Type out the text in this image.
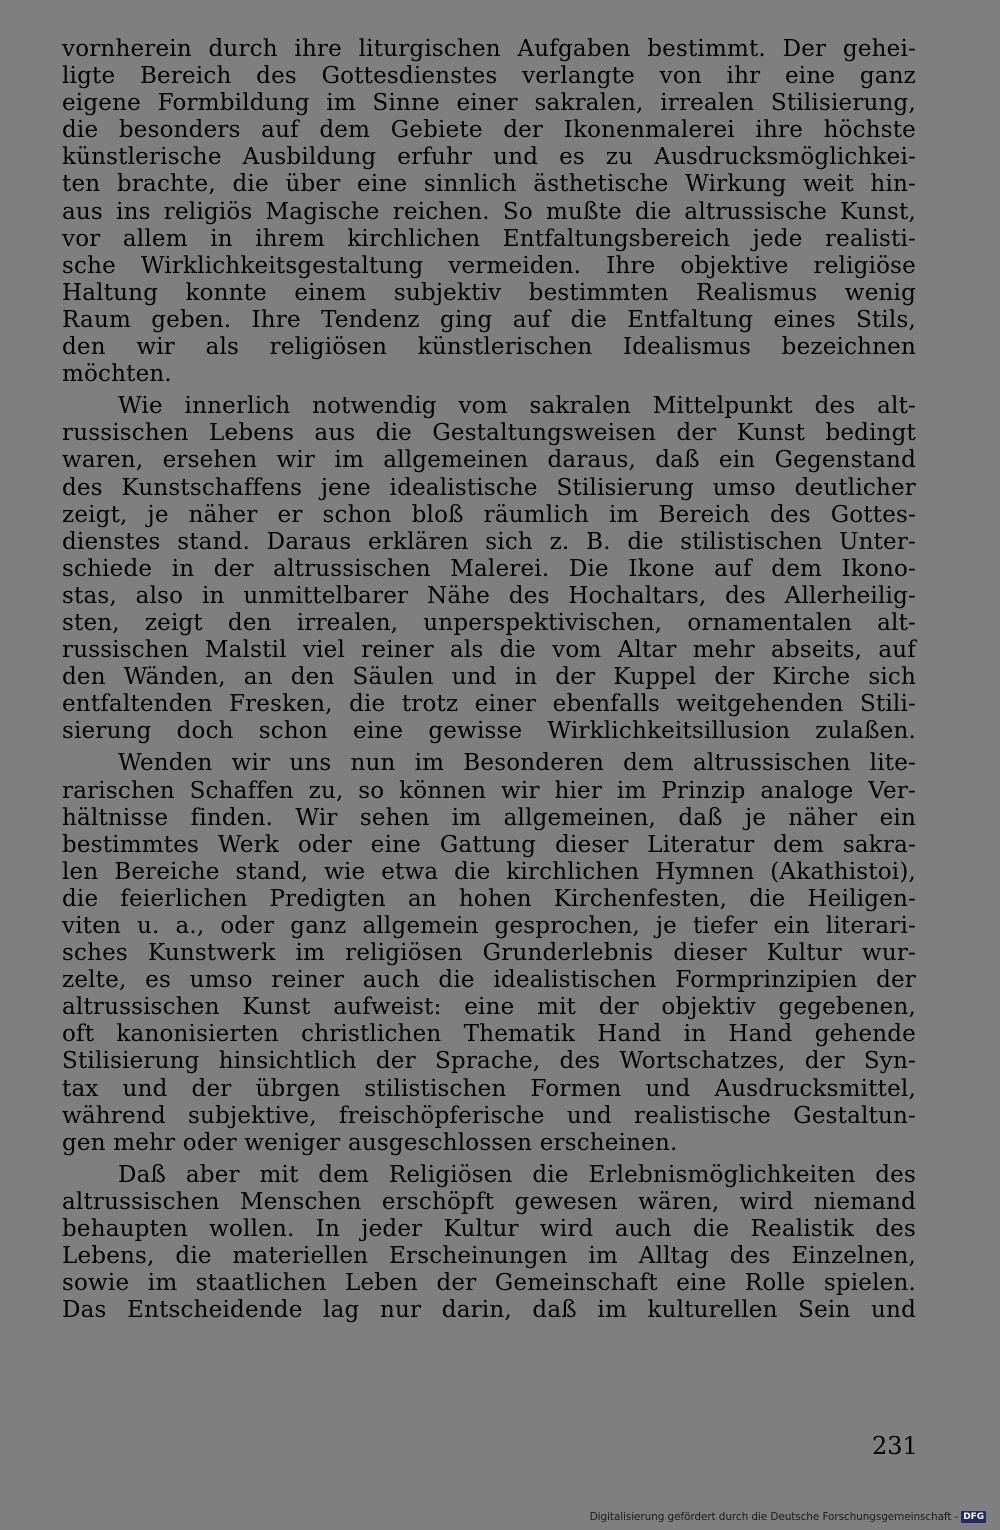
vornherein durch ihre liturgischen Aufgaben bestimmt. Der gehei-
ligte Bereich des Gottesdienstes verlangte von ihr eine ganz
eigene Formbildung im Sinne einer sakralen, irrealen Stilisierung,
die besonders auf dem Gebiete der Ikonenmalerei ihre höchste
künstlerische Ausbildung erfuhr und es zu Ausdrucksmöglichkei-
ten brachte, die über eine sinnlich ästhetische Wirkung weit hin-
aus ins religiös Magische reichen. So mußte die altrussische Kunst,
vor allem in ihrem kirchlichen Entfaltungsbereich jede realisti-
sche Wirklichkeitsgestaltung vermeiden. Ihre objektive religiöse
Haltung konnte einem subjektiv bestimmten Realismus wenig
Raum geben. Ihre Tendenz ging auf die Entfaltung eines Stils,
den wir als religiösen künstlerischen Idealismus bezeichnen
möchten.
Wie innerlich notwendig vom sakralen Mittelpunkt des alt-
russischen Lebens aus die Gestaltungsweisen der Kunst bedingt
waren, ersehen wir im allgemeinen daraus, daß ein Gegenstand
des Kunstschaffens jene idealistische Stilisierung umso deutlicher
zeigt, je näher er schon bloß räumlich im Bereich des Gottes-
dienstes stand. Daraus erklären sich z. B. die stilistischen Unter-
schiede in der altrussischen Malerei. Die Ikone auf dem Ikono-
stas, also in unmittelbarer Nähe des Hochaltars, des Allerheilig-
sten, zeigt den irrealen, unperspektivischen, ornamentalen alt-
russischen Malstil viel reiner als die vom Altar mehr abseits, auf
den Wänden, an den Säulen und in der Kuppel der Kirche sich
entfaltenden Fresken, die trotz einer ebenfalls weitgehenden Stili-
sierung doch schon eine gewisse Wirklichkeitsillusion zulaßen.
Wenden wir uns nun im Besonderen dem altrussischen lite-
rarischen Schaffen zu, so können wir hier im Prinzip analoge Ver-
hältnisse finden. Wir sehen im allgemeinen, daß je näher ein
bestimmtes Werk oder eine Gattung dieser Literatur dem sakra-
len Bereiche stand, wie etwa die kirchlichen Hymnen (Akathistoi),
die feierlichen Predigten an hohen Kirchenfesten, die Heiligen-
viten u. a., oder ganz allgemein gesprochen, je tiefer ein literari-
sches Kunstwerk im religiösen Grunderlebnis dieser Kultur wur-
zelte, es umso reiner auch die idealistischen Formprinzipien der
altrussischen Kunst aufweist: eine mit der objektiv gegebenen,
oft kanonisierten christlichen Thematik Hand in Hand gehende
Stilisierung hinsichtlich der Sprache, des Wortschatzes, der Syn-
tax und der übrgen stilistischen Formen und Ausdrucksmittel,
während subjektive, freischöpferische und realistische Gestaltun-
gen mehr oder weniger ausgeschlossen erscheinen.
Daß aber mit dem Religiösen die Erlebnismöglichkeiten des
altrussischen Menschen erschöpft gewesen wären, wird niemand
behaupten wollen. In jeder Kultur wird auch die Realistik des
Lebens, die materiellen Erscheinungen im Alltag des Einzelnen,
sowie im staatlichen Leben der Gemeinschaft eine Rolle spielen.
Das Entscheidende lag nur darin, daß im kulturellen Sein und
231
Digitalisierung gefördert durch die Deutsche Forschungsgemeinschaft - DFG
